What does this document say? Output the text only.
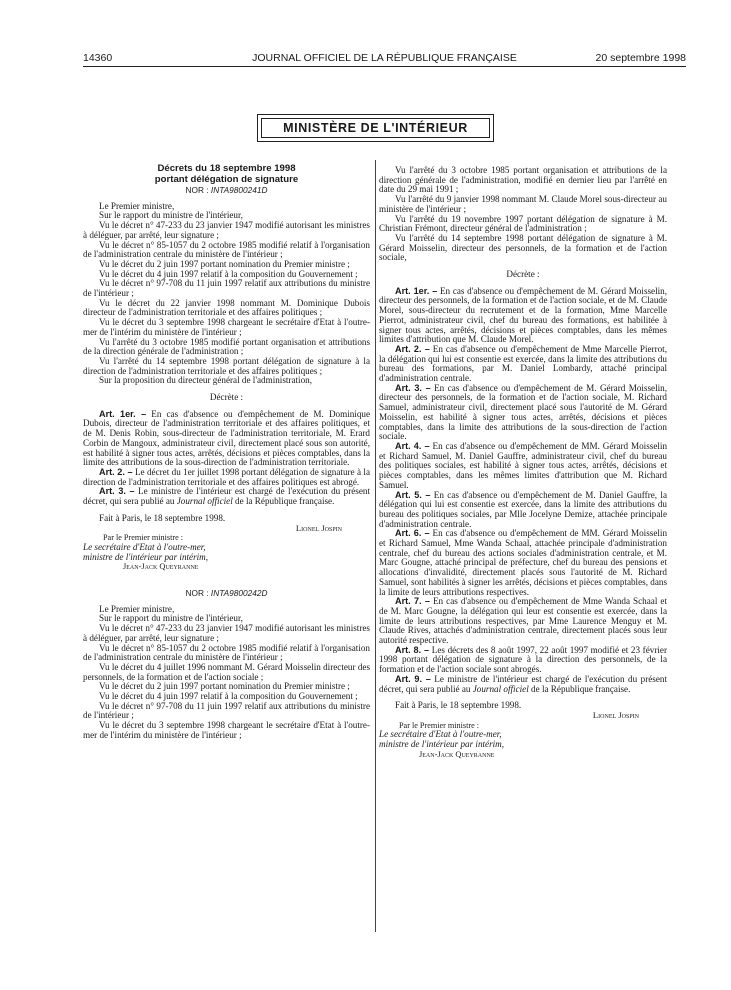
14360	JOURNAL OFFICIEL DE LA RÉPUBLIQUE FRANÇAISE	20 septembre 1998
MINISTÈRE DE L'INTÉRIEUR

Décrets du 18 septembre 1998

portant délégation de signature

NOR : INTA9800241D

Le Premier ministre,

Sur le rapport du ministre de l'intérieur,

Vu le décret n° 47-233 du 23 janvier 1947 modifié autorisant les ministres à déléguer, par arrêté, leur signature ;

Vu le décret n° 85-1057 du 2 octobre 1985 modifié relatif à l'organisation de l'administration centrale du ministère de l'intérieur ;

Vu le décret du 2 juin 1997 portant nomination du Premier ministre ;

Vu le décret du 4 juin 1997 relatif à la composition du Gouvernement ;

Vu le décret n° 97-708 du 11 juin 1997 relatif aux attributions du ministre de l'intérieur ;

Vu le décret du 22 janvier 1998 nommant M. Dominique Dubois directeur de l'administration territoriale et des affaires politiques ;

Vu le décret du 3 septembre 1998 chargeant le secrétaire d'Etat à l'outre-mer de l'intérim du ministère de l'intérieur ;

Vu l'arrêté du 3 octobre 1985 modifié portant organisation et attributions de la direction générale de l'administration ;

Vu l'arrêté du 14 septembre 1998 portant délégation de signature à la direction de l'administration territoriale et des affaires politiques ;

Sur la proposition du directeur général de l'administration,

Décrète :

Art. 1er. – En cas d'absence ou d'empêchement de M. Dominique Dubois, directeur de l'administration territoriale et des affaires politiques, et de M. Denis Robin, sous-directeur de l'administration territoriale, M. Erard Corbin de Mangoux, administrateur civil, directement placé sous son autorité, est habilité à signer tous actes, arrêtés, décisions et pièces comptables, dans la limite des attributions de la sous-direction de l'administration territoriale.

Art. 2. – Le décret du 1er juillet 1998 portant délégation de signature à la direction de l'administration territoriale et des affaires politiques est abrogé.

Art. 3. – Le ministre de l'intérieur est chargé de l'exécution du présent décret, qui sera publié au Journal officiel de la République française.

Fait à Paris, le 18 septembre 1998.

Lionel Jospin

Par le Premier ministre :

Le secrétaire d'Etat à l'outre-mer,

ministre de l'intérieur par intérim,

Jean-Jack Queyranne

NOR : INTA9800242D

Le Premier ministre,

Sur le rapport du ministre de l'intérieur,

Vu le décret n° 47-233 du 23 janvier 1947 modifié autorisant les ministres à déléguer, par arrêté, leur signature ;

Vu le décret n° 85-1057 du 2 octobre 1985 modifié relatif à l'organisation de l'administration centrale du ministère de l'intérieur ;

Vu le décret du 4 juillet 1996 nommant M. Gérard Moisselin directeur des personnels, de la formation et de l'action sociale ;

Vu le décret du 2 juin 1997 portant nomination du Premier ministre ;

Vu le décret du 4 juin 1997 relatif à la composition du Gouvernement ;

Vu le décret n° 97-708 du 11 juin 1997 relatif aux attributions du ministre de l'intérieur ;

Vu le décret du 3 septembre 1998 chargeant le secrétaire d'Etat à l'outre-mer de l'intérim du ministère de l'intérieur ;

Vu l'arrêté du 3 octobre 1985 portant organisation et attributions de la direction générale de l'administration, modifié en dernier lieu par l'arrêté en date du 29 mai 1991 ;

Vu l'arrêté du 9 janvier 1998 nommant M. Claude Morel sous-directeur au ministère de l'intérieur ;

Vu l'arrêté du 19 novembre 1997 portant délégation de signature à M. Christian Frémont, directeur général de l'administration ;

Vu l'arrêté du 14 septembre 1998 portant délégation de signature à M. Gérard Moisselin, directeur des personnels, de la formation et de l'action sociale,

Décrète :

Art. 1er. – En cas d'absence ou d'empêchement de M. Gérard Moisselin, directeur des personnels, de la formation et de l'action sociale, et de M. Claude Morel, sous-directeur du recrutement et de la formation, Mme Marcelle Pierrot, administrateur civil, chef du bureau des formations, est habilitée à signer tous actes, arrêtés, décisions et pièces comptables, dans les mêmes limites d'attribution que M. Claude Morel.

Art. 2. – En cas d'absence ou d'empêchement de Mme Marcelle Pierrot, la délégation qui lui est consentie est exercée, dans la limite des attributions du bureau des formations, par M. Daniel Lombardy, attaché principal d'administration centrale.

Art. 3. – En cas d'absence ou d'empêchement de M. Gérard Moisselin, directeur des personnels, de la formation et de l'action sociale, M. Richard Samuel, administrateur civil, directement placé sous l'autorité de M. Gérard Moisselin, est habilité à signer tous actes, arrêtés, décisions et pièces comptables, dans la limite des attributions de la sous-direction de l'action sociale.

Art. 4. – En cas d'absence ou d'empêchement de MM. Gérard Moisselin et Richard Samuel, M. Daniel Gauffre, administrateur civil, chef du bureau des politiques sociales, est habilité à signer tous actes, arrêtés, décisions et pièces comptables, dans les mêmes limites d'attribution que M. Richard Samuel.

Art. 5. – En cas d'absence ou d'empêchement de M. Daniel Gauffre, la délégation qui lui est consentie est exercée, dans la limite des attributions du bureau des politiques sociales, par Mlle Jocelyne Demize, attachée principale d'administration centrale.

Art. 6. – En cas d'absence ou d'empêchement de MM. Gérard Moisselin et Richard Samuel, Mme Wanda Schaal, attachée principale d'administration centrale, chef du bureau des actions sociales d'administration centrale, et M. Marc Gougne, attaché principal de préfecture, chef du bureau des pensions et allocations d'invalidité, directement placés sous l'autorité de M. Richard Samuel, sont habilités à signer les arrêtés, décisions et pièces comptables, dans la limite de leurs attributions respectives.

Art. 7. – En cas d'absence ou d'empêchement de Mme Wanda Schaal et de M. Marc Gougne, la délégation qui leur est consentie est exercée, dans la limite de leurs attributions respectives, par Mme Laurence Menguy et M. Claude Rives, attachés d'administration centrale, directement placés sous leur autorité respective.

Art. 8. – Les décrets des 8 août 1997, 22 août 1997 modifié et 23 février 1998 portant délégation de signature à la direction des personnels, de la formation et de l'action sociale sont abrogés.

Art. 9. – Le ministre de l'intérieur est chargé de l'exécution du présent décret, qui sera publié au Journal officiel de la République française.

Fait à Paris, le 18 septembre 1998.

Lionel Jospin

Par le Premier ministre :

Le secrétaire d'Etat à l'outre-mer,

ministre de l'intérieur par intérim,

Jean-Jack Queyranne
